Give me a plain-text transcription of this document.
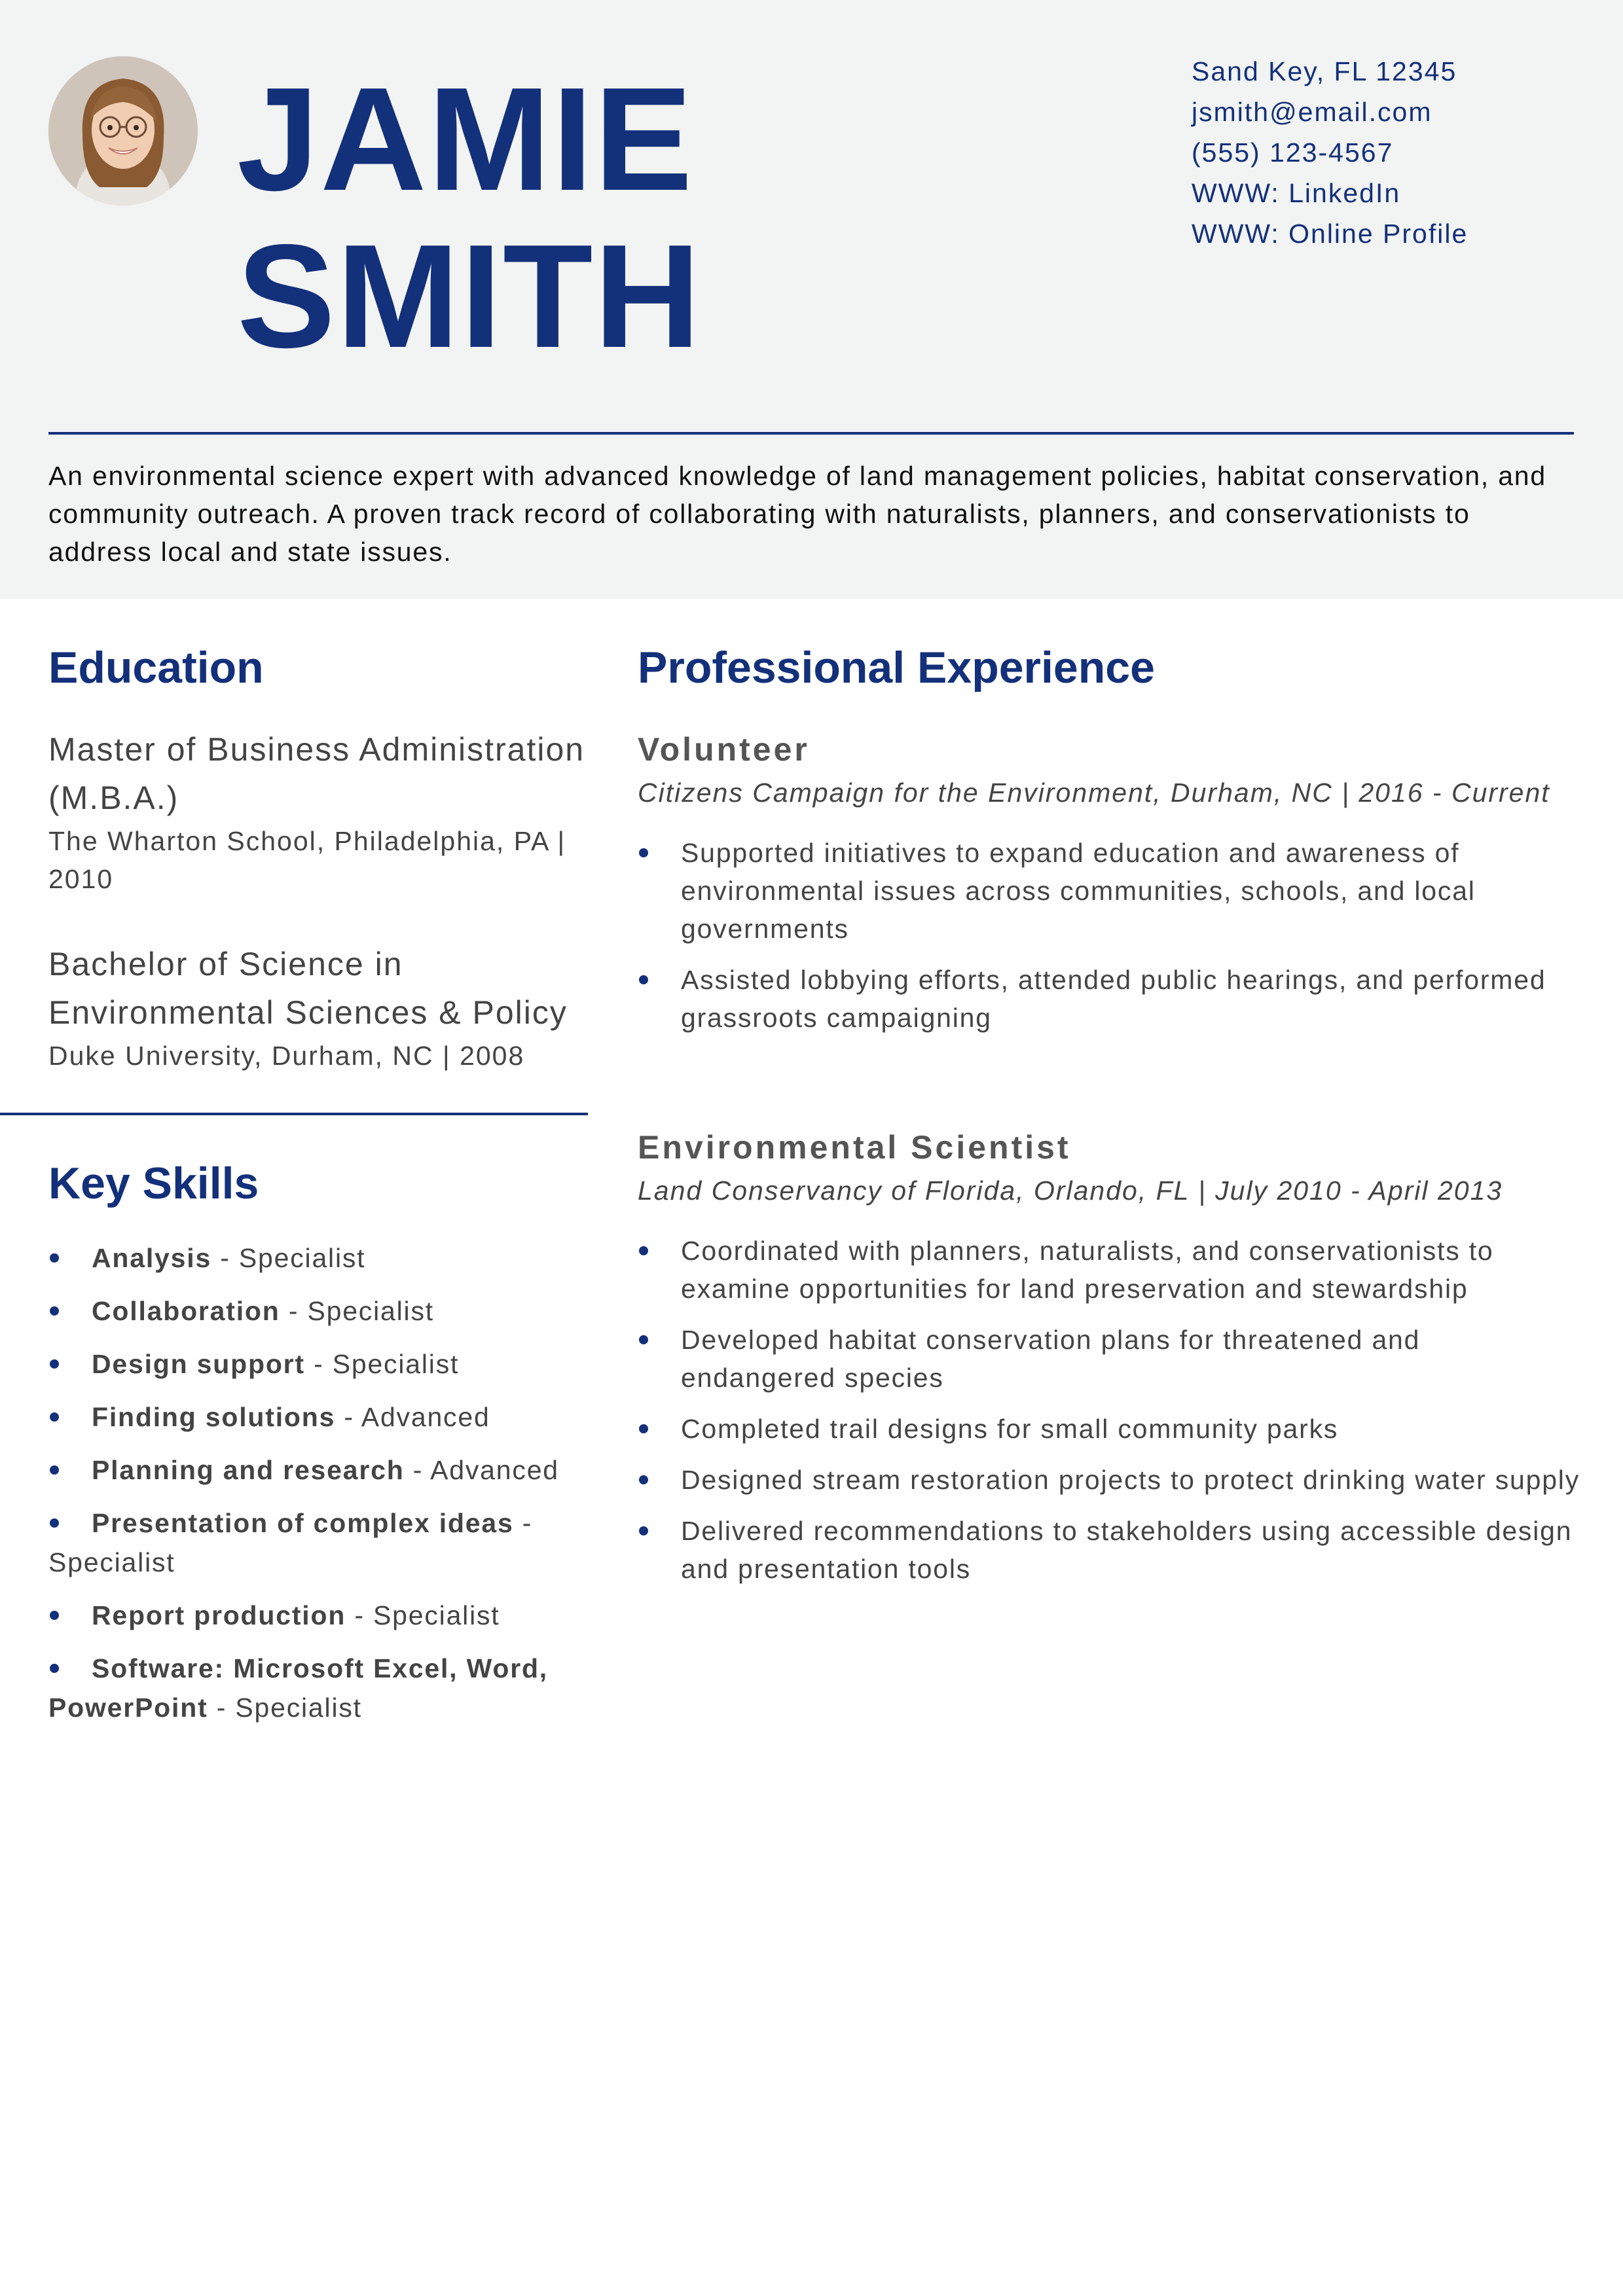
JAMIE
SMITH
Sand Key, FL 12345
jsmith@email.com
(555) 123-4567
WWW: LinkedIn
WWW: Online Profile
An environmental science expert with advanced knowledge of land management policies, habitat conservation, and community outreach. A proven track record of collaborating with naturalists, planners, and conservationists to address local and state issues.
Education
Master of Business Administration (M.B.A.)
The Wharton School, Philadelphia, PA | 2010
Bachelor of Science in Environmental Sciences & Policy
Duke University, Durham, NC | 2008
Key Skills
Analysis - Specialist
Collaboration - Specialist
Design support - Specialist
Finding solutions - Advanced
Planning and research - Advanced
Presentation of complex ideas - Specialist
Report production - Specialist
Software: Microsoft Excel, Word, PowerPoint - Specialist
Professional Experience
Volunteer
Citizens Campaign for the Environment, Durham, NC | 2016 - Current
Supported initiatives to expand education and awareness of environmental issues across communities, schools, and local governments
Assisted lobbying efforts, attended public hearings, and performed grassroots campaigning
Environmental Scientist
Land Conservancy of Florida, Orlando, FL | July 2010 - April 2013
Coordinated with planners, naturalists, and conservationists to examine opportunities for land preservation and stewardship
Developed habitat conservation plans for threatened and endangered species
Completed trail designs for small community parks
Designed stream restoration projects to protect drinking water supply
Delivered recommendations to stakeholders using accessible design and presentation tools
